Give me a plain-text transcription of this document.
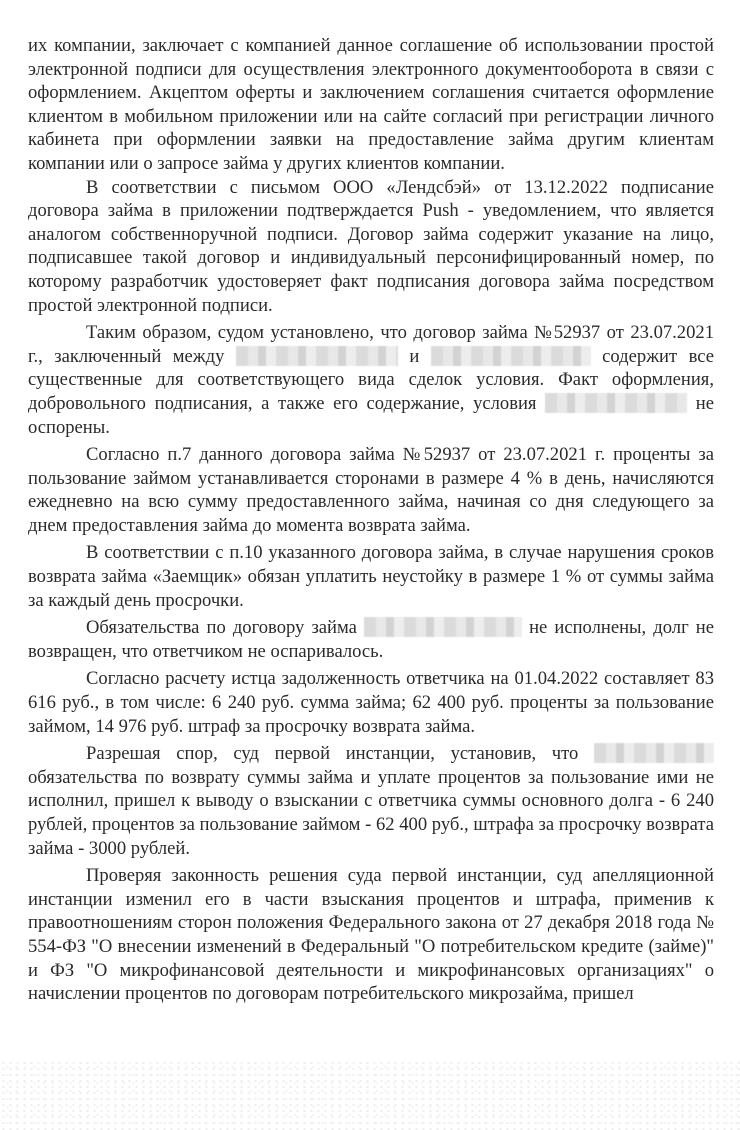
их компании, заключает с компанией данное соглашение об использовании простой электронной подписи для осуществления электронного документооборота в связи с оформлением. Акцептом оферты и заключением соглашения считается оформление клиентом в мобильном приложении или на сайте согласий при регистрации личного кабинета при оформлении заявки на предоставление займа другим клиентам компании или о запросе займа у других клиентов компании.

В соответствии с письмом ООО «Лендсбэй» от 13.12.2022 подписание договора займа в приложении подтверждается Push - уведомлением, что является аналогом собственноручной подписи. Договор займа содержит указание на лицо, подписавшее такой договор и индивидуальный персонифицированный номер, по которому разработчик удостоверяет факт подписания договора займа посредством простой электронной подписи.

Таким образом, судом установлено, что договор займа №52937 от 23.07.2021 г., заключенный между	и	содержит все существенные для соответствующего вида сделок условия. Факт оформления, добровольного подписания, а также его содержание, условия	не оспорены.

Согласно п.7 данного договора займа №52937 от 23.07.2021 г. проценты за пользование займом устанавливается сторонами в размере 4 % в день, начисляются ежедневно на всю сумму предоставленного займа, начиная со дня следующего за днем предоставления займа до момента возврата займа.

В соответствии с п.10 указанного договора займа, в случае нарушения сроков возврата займа «Заемщик» обязан уплатить неустойку в размере 1 % от суммы займа за каждый день просрочки.

Обязательства по договору займа	не исполнены, долг не возвращен, что ответчиком не оспаривалось.

Согласно расчету истца задолженность ответчика на 01.04.2022 составляет 83 616 руб., в том числе: 6 240 руб. сумма займа; 62 400 руб. проценты за пользование займом, 14 976 руб. штраф за просрочку возврата займа.

Разрешая спор, суд первой инстанции, установив, что  обязательства по возврату суммы займа и уплате процентов за пользование ими не исполнил, пришел к выводу о взыскании с ответчика суммы основного долга - 6 240 рублей, процентов за пользование займом - 62 400 руб., штрафа за просрочку возврата займа - 3000 рублей.

Проверяя законность решения суда первой инстанции, суд апелляционной инстанции изменил его в части взыскания процентов и штрафа, применив к правоотношениям сторон положения Федерального закона от 27 декабря 2018 года № 554-ФЗ "О внесении изменений в Федеральный "О потребительском кредите (займе)" и ФЗ "О микрофинансовой деятельности и микрофинансовых организациях" о начислении процентов по договорам потребительского микрозайма, пришел
